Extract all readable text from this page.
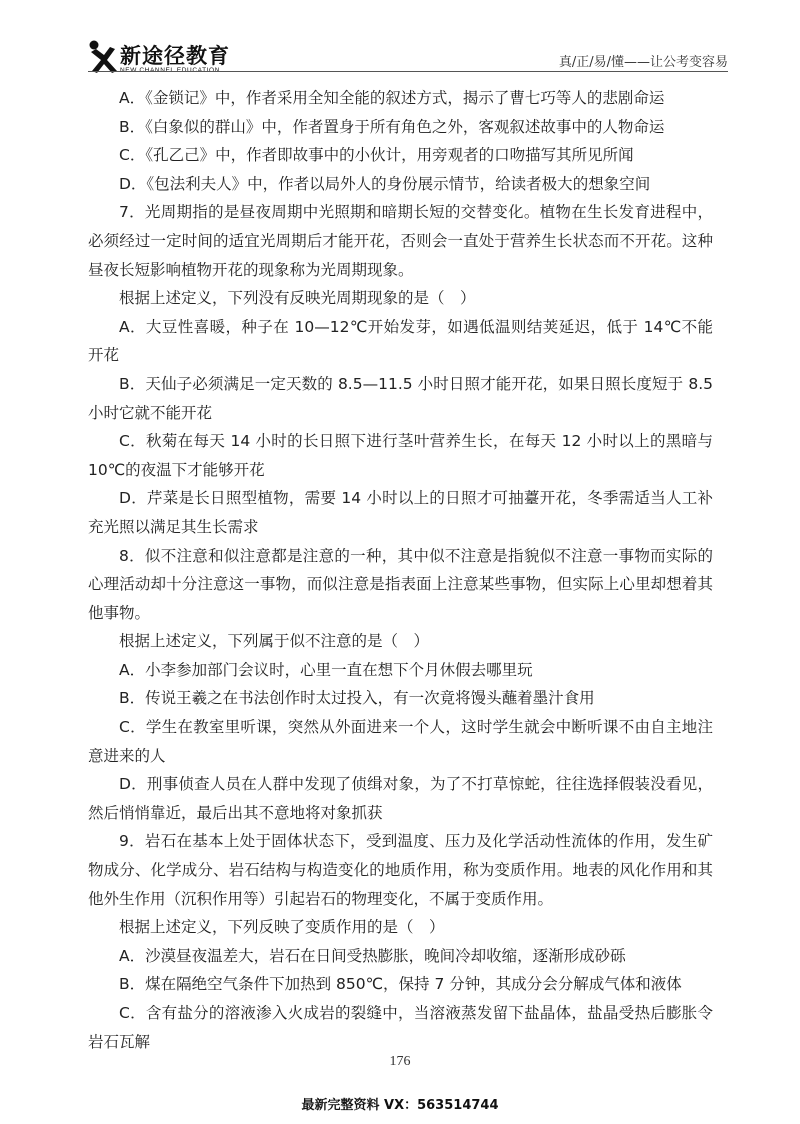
新途径教育	真/正/易/懂——让公考变容易

A．《金锁记》中，作者采用全知全能的叙述方式，揭示了曹七巧等人的悲剧命运

B．《白象似的群山》中，作者置身于所有角色之外，客观叙述故事中的人物命运

C．《孔乙己》中，作者即故事中的小伙计，用旁观者的口吻描写其所见所闻

D．《包法利夫人》中，作者以局外人的身份展示情节，给读者极大的想象空间

7．光周期指的是昼夜周期中光照期和暗期长短的交替变化。植物在生长发育进程中，必须经过一定时间的适宜光周期后才能开花，否则会一直处于营养生长状态而不开花。这种昼夜长短影响植物开花的现象称为光周期现象。

根据上述定义，下列没有反映光周期现象的是（　）

A．大豆性喜暖，种子在 10—12℃开始发芽，如遇低温则结荚延迟，低于 14℃不能开花

B．天仙子必须满足一定天数的 8.5—11.5 小时日照才能开花，如果日照长度短于 8.5 小时它就不能开花

C．秋菊在每天 14 小时的长日照下进行茎叶营养生长，在每天 12 小时以上的黑暗与 10℃的夜温下才能够开花

D．芹菜是长日照型植物，需要 14 小时以上的日照才可抽薹开花，冬季需适当人工补充光照以满足其生长需求

8．似不注意和似注意都是注意的一种，其中似不注意是指貌似不注意一事物而实际的心理活动却十分注意这一事物，而似注意是指表面上注意某些事物，但实际上心里却想着其他事物。

根据上述定义，下列属于似不注意的是（　）

A．小李参加部门会议时，心里一直在想下个月休假去哪里玩

B．传说王羲之在书法创作时太过投入，有一次竟将馒头蘸着墨汁食用

C．学生在教室里听课，突然从外面进来一个人，这时学生就会中断听课不由自主地注意进来的人

D．刑事侦查人员在人群中发现了侦缉对象，为了不打草惊蛇，往往选择假装没看见，然后悄悄靠近，最后出其不意地将对象抓获

9．岩石在基本上处于固体状态下，受到温度、压力及化学活动性流体的作用，发生矿物成分、化学成分、岩石结构与构造变化的地质作用，称为变质作用。地表的风化作用和其他外生作用（沉积作用等）引起岩石的物理变化，不属于变质作用。

根据上述定义，下列反映了变质作用的是（　）

A．沙漠昼夜温差大，岩石在日间受热膨胀，晚间冷却收缩，逐渐形成砂砾

B．煤在隔绝空气条件下加热到 850℃，保持 7 分钟，其成分会分解成气体和液体

C．含有盐分的溶液渗入火成岩的裂缝中，当溶液蒸发留下盐晶体，盐晶受热后膨胀令岩石瓦解

176
最新完整资料 VX：563514744
